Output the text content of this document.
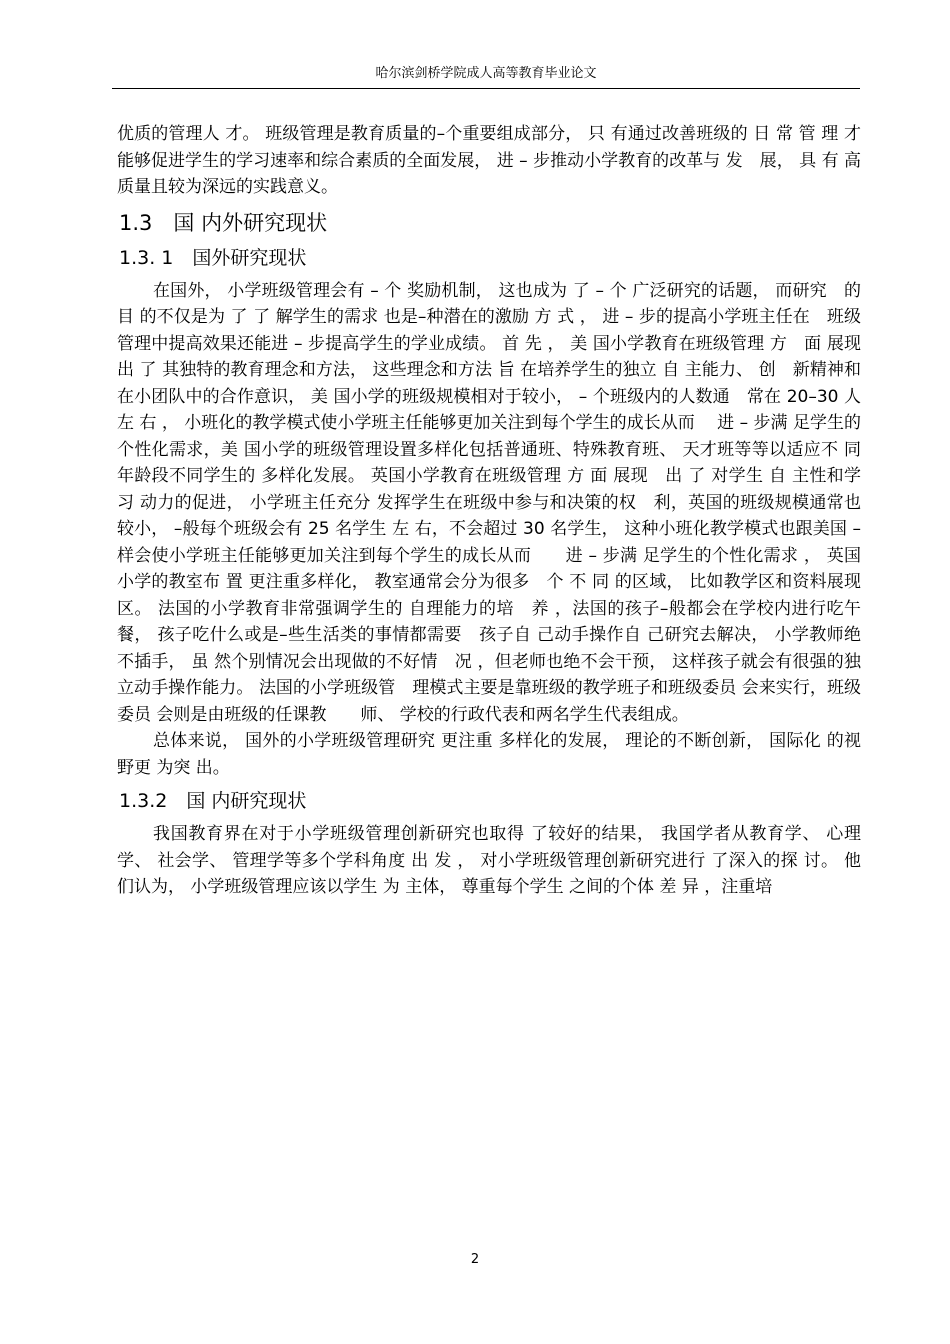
哈尔滨剑桥学院成人高等教育毕业论文

优质的管理人 才。 班级管理是教育质量的–个重要组成部分， 只 有通过改善班级的 日 常 管 理 才 能够促进学生的学习速率和综合素质的全面发展， 进 – 步推动小学教育的改革与 发　展， 具 有 高 质量且较为深远的实践意义。

1.3　国 内外研究现状
1.3. 1　国外研究现状

在国外， 小学班级管理会有 – 个 奖励机制， 这也成为 了 – 个 广泛研究的话题， 而研究　的 目 的不仅是为 了 了 解学生的需求 也是–种潜在的激励 方 式 ， 进 – 步的提高小学班主任在　班级管理中提高效果还能进 – 步提高学生的学业成绩。 首 先 ， 美 国小学教育在班级管理 方　面 展现出 了 其独特的教育理念和方法， 这些理念和方法 旨 在培养学生的独立 自 主能力、 创　新精神和在小团队中的合作意识， 美 国小学的班级规模相对于较小， – 个班级内的人数通　常在 20–30 人 左 右 ， 小班化的教学模式使小学班主任能够更加关注到每个学生的成长从而　 进 – 步满 足学生的个性化需求，美 国小学的班级管理设置多样化包括普通班、特殊教育班、 天才班等等以适应不 同 年龄段不同学生的 多样化发展。 英国小学教育在班级管理 方 面 展现　出 了 对学生 自 主性和学 习 动力的促进， 小学班主任充分 发挥学生在班级中参与和决策的权　利，英国的班级规模通常也较小， –般每个班级会有 25 名学生 左 右，不会超过 30 名学生， 这种小班化教学模式也跟美国 –样会使小学班主任能够更加关注到每个学生的成长从而　　进 – 步满 足学生的个性化需求 ， 英国小学的教室布 置 更注重多样化， 教室通常会分为很多　个 不 同 的区域， 比如教学区和资料展现区。 法国的小学教育非常强调学生的 自理能力的培　养 ，法国的孩子–般都会在学校内进行吃午餐， 孩子吃什么或是–些生活类的事情都需要　孩子自 己动手操作自 己研究去解决， 小学教师绝不插手， 虽 然个别情况会出现做的不好情　况 ，但老师也绝不会干预， 这样孩子就会有很强的独立动手操作能力。 法国的小学班级管　理模式主要是靠班级的教学班子和班级委员 会来实行，班级委员 会则是由班级的任课教　　师、 学校的行政代表和两名学生代表组成。

总体来说， 国外的小学班级管理研究 更注重 多样化的发展， 理论的不断创新， 国际化 的视野更 为突 出。

1.3.2　国 内研究现状

我国教育界在对于小学班级管理创新研究也取得 了较好的结果， 我国学者从教育学、 心理学、 社会学、 管理学等多个学科角度 出 发 ， 对小学班级管理创新研究进行 了深入的探 讨。 他们认为， 小学班级管理应该以学生 为 主体， 尊重每个学生 之间的个体 差 异 ，注重培

2
